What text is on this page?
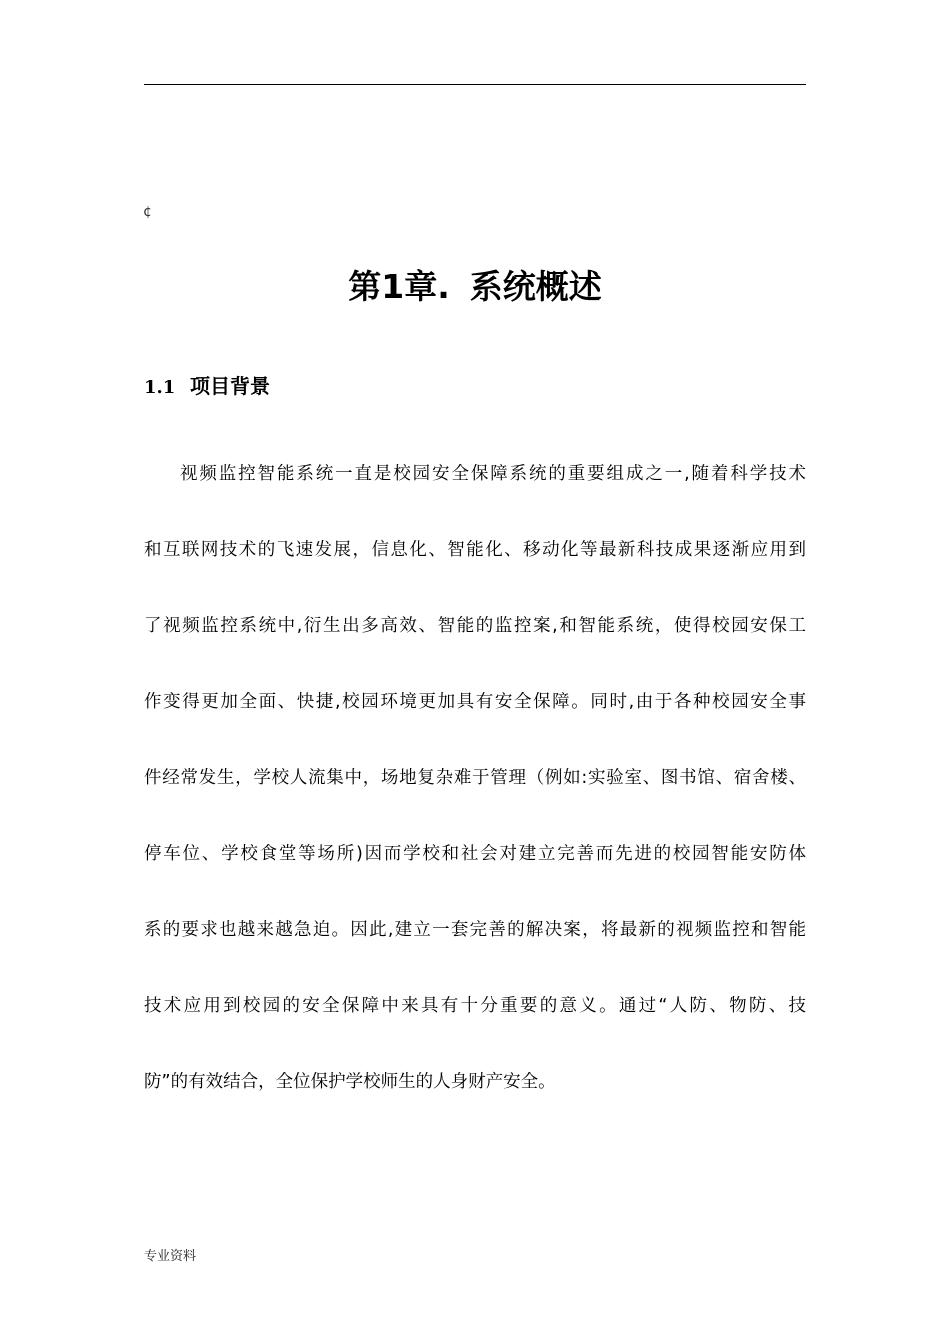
¢
第1章. 系统概述
1.1 项目背景
视频监控智能系统一直是校园安全保障系统的重要组成之一,随着科学技术
和互联网技术的飞速发展，信息化、智能化、移动化等最新科技成果逐渐应用到
了视频监控系统中,衍生出多高效、智能的监控案,和智能系统，使得校园安保工
作变得更加全面、快捷,校园环境更加具有安全保障。同时,由于各种校园安全事
件经常发生，学校人流集中，场地复杂难于管理（例如:实验室、图书馆、宿舍楼、
停车位、学校食堂等场所)因而学校和社会对建立完善而先进的校园智能安防体
系的要求也越来越急迫。因此,建立一套完善的解决案，将最新的视频监控和智能
技术应用到校园的安全保障中来具有十分重要的意义。通过“人防、物防、技
防”的有效结合，全位保护学校师生的人身财产安全。
专业资料
